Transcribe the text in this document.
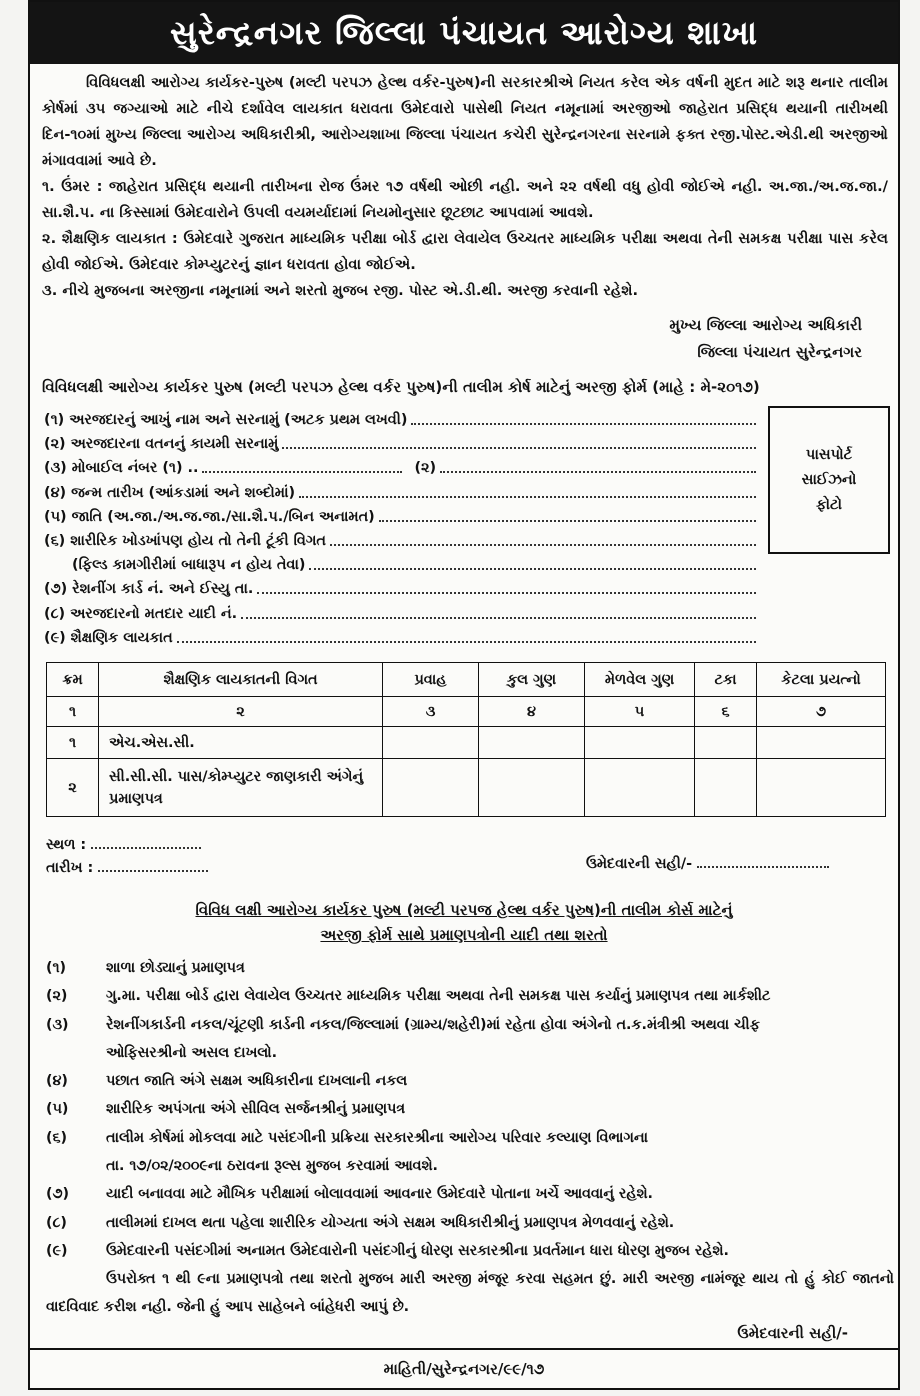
સુરેન્દ્રનગર જિલ્લા પંચાયત આરોગ્ય શાખા

વિવિધલક્ષી આરોગ્ય કાર્યકર-પુરુષ (મલ્ટી પરપઝ હેલ્થ વર્કર-પુરુષ)ની સરકારશ્રીએ નિયત કરેલ એક વર્ષની મુદત માટે શરૂ થનાર તાલીમ કોર્ષમાં ૩૫ જગ્યાઓ માટે નીચે દર્શાવેલ લાયકાત ધરાવતા ઉમેદવારો પાસેથી નિયત નમૂનામાં અરજીઓ જાહેરાત પ્રસિદ્ધ થયાની તારીખથી દિન-૧૦માં મુખ્ય જિલ્લા આરોગ્ય અધિકારીશ્રી, આરોગ્યશાખા જિલ્લા પંચાયત કચેરી સુરેન્દ્રનગરના સરનામે ફક્ત રજી.પોસ્ટ.એડી.થી અરજીઓ મંગાવવામાં આવે છે.

૧. ઉંમર : જાહેરાત પ્રસિદ્ધ થયાની તારીખના રોજ ઉંમર ૧૭ વર્ષથી ઓછી નહી. અને ૨૨ વર્ષથી વધુ હોવી જોઈએ નહી. અ.જા./અ.જ.જા./સા.શૈ.પ. ના કિસ્સામાં ઉમેદવારોને ઉપલી વયમર્યાદામાં નિયમોનુસાર છૂટછાટ આપવામાં આવશે.

૨. શૈક્ષણિક લાયકાત : ઉમેદવારે ગુજરાત માધ્યમિક પરીક્ષા બોર્ડ દ્વારા લેવાયેલ ઉચ્ચતર માધ્યમિક પરીક્ષા અથવા તેની સમકક્ષ પરીક્ષા પાસ કરેલ હોવી જોઈએ. ઉમેદવાર કોમ્પ્યુટરનું જ્ઞાન ધરાવતા હોવા જોઈએ.

૩. નીચે મુજબના અરજીના નમૂનામાં અને શરતો મુજબ રજી. પોસ્ટ એ.ડી.થી. અરજી કરવાની રહેશે.

મુખ્ય જિલ્લા આરોગ્ય અધિકારી
જિલ્લા પંચાયત સુરેન્દ્રનગર
વિવિધલક્ષી આરોગ્ય કાર્યકર પુરુષ (મલ્ટી પરપઝ હેલ્થ વર્કર પુરુષ)ની તાલીમ કોર્ષ માટેનું અરજી ફોર્મ (માહે : મે-૨૦૧૭)
(૧) અરજદારનું આખું નામ અને સરનામું (અટક પ્રથમ લખવી)
(૨) અરજદારના વતનનું કાયમી સરનામું
(૩) મોબાઈલ નંબર (૧) ..	(૨)
(૪) જન્મ તારીખ (આંકડામાં અને શબ્દોમાં)
(૫) જાતિ (અ.જા./અ.જ.જા./સા.શૈ.પ./બિન અનામત)
(૬) શારીરિક ખોડખાંપણ હોય તો તેની ટૂંકી વિગત
(ફિલ્ડ કામગીરીમાં બાધારૂપ ન હોય તેવા)
(૭) રેશનીંગ કાર્ડ નં. અને ઈસ્યુ તા.
(૮) અરજદારનો મતદાર યાદી નં.
(૯) શૈક્ષણિક લાયકાત
પાસપોર્ટ
સાઈઝનો
ફોટો
ક્રમ	શૈક્ષણિક લાયકાતની વિગત	પ્રવાહ	કુલ ગુણ	મેળવેલ ગુણ	ટકા	કેટલા પ્રયત્નો
૧	૨	૩	૪	૫	૬	૭
૧	એચ.એસ.સી.					
૨	સી.સી.સી. પાસ/કોમ્પ્યુટર જાણકારી અંગેનું પ્રમાણપત્ર					
સ્થળ :
તારીખ :	ઉમેદવારની સહી/-
વિવિધ લક્ષી આરોગ્ય કાર્યકર પુરુષ (મલ્ટી પરપજ હેલ્થ વર્કર પુરુષ)ની તાલીમ કોર્સ માટેનું
અરજી ફોર્મ સાથે પ્રમાણપત્રોની યાદી તથા શરતો
(૧)	શાળા છોડ્યાનું પ્રમાણપત્ર
(૨)	ગુ.મા. પરીક્ષા બોર્ડ દ્વારા લેવાયેલ ઉચ્ચતર માધ્યમિક પરીક્ષા અથવા તેની સમકક્ષ પાસ કર્યાનું પ્રમાણપત્ર તથા માર્કશીટ
(૩)	રેશનીંગકાર્ડની નકલ/ચૂંટણી કાર્ડની નકલ/જિલ્લામાં (ગ્રામ્ય/શહેરી)માં રહેતા હોવા અંગેનો ત.ક.મંત્રીશ્રી અથવા ચીફ
ઓફિસરશ્રીનો અસલ દાખલો.
(૪)	પછાત જાતિ અંગે સક્ષમ અધિકારીના દાખલાની નકલ
(૫)	શારીરિક અપંગતા અંગે સીવિલ સર્જનશ્રીનું પ્રમાણપત્ર
(૬)	તાલીમ કોર્ષમાં મોકલવા માટે પસંદગીની પ્રક્રિયા સરકારશ્રીના આરોગ્ય પરિવાર કલ્યાણ વિભાગના
તા. ૧૭/૦૨/૨૦૦૯ના ઠરાવના રૂલ્સ મુજબ કરવામાં આવશે.
(૭)	યાદી બનાવવા માટે મૌખિક પરીક્ષામાં બોલાવવામાં આવનાર ઉમેદવારે પોતાના ખર્ચે આવવાનું રહેશે.
(૮)	તાલીમમાં દાખલ થતા પહેલા શારીરિક યોગ્યતા અંગે સક્ષમ અધિકારીશ્રીનું પ્રમાણપત્ર મેળવવાનું રહેશે.
(૯)	ઉમેદવારની પસંદગીમાં અનામત ઉમેદવારોની પસંદગીનું ધોરણ સરકારશ્રીના પ્રવર્તમાન ધારા ધોરણ મુજબ રહેશે.

ઉપરોક્ત ૧ થી ૯ના પ્રમાણપત્રો તથા શરતો મુજબ મારી અરજી મંજૂર કરવા સહમત છું. મારી અરજી નામંજૂર થાય તો હું કોઈ જાતનો વાદવિવાદ કરીશ નહી. જેની હું આપ સાહેબને બાંહેધરી આપું છે.

ઉમેદવારની સહી/-
માહિતી/સુરેન્દ્રનગર/૯૯/૧૭
